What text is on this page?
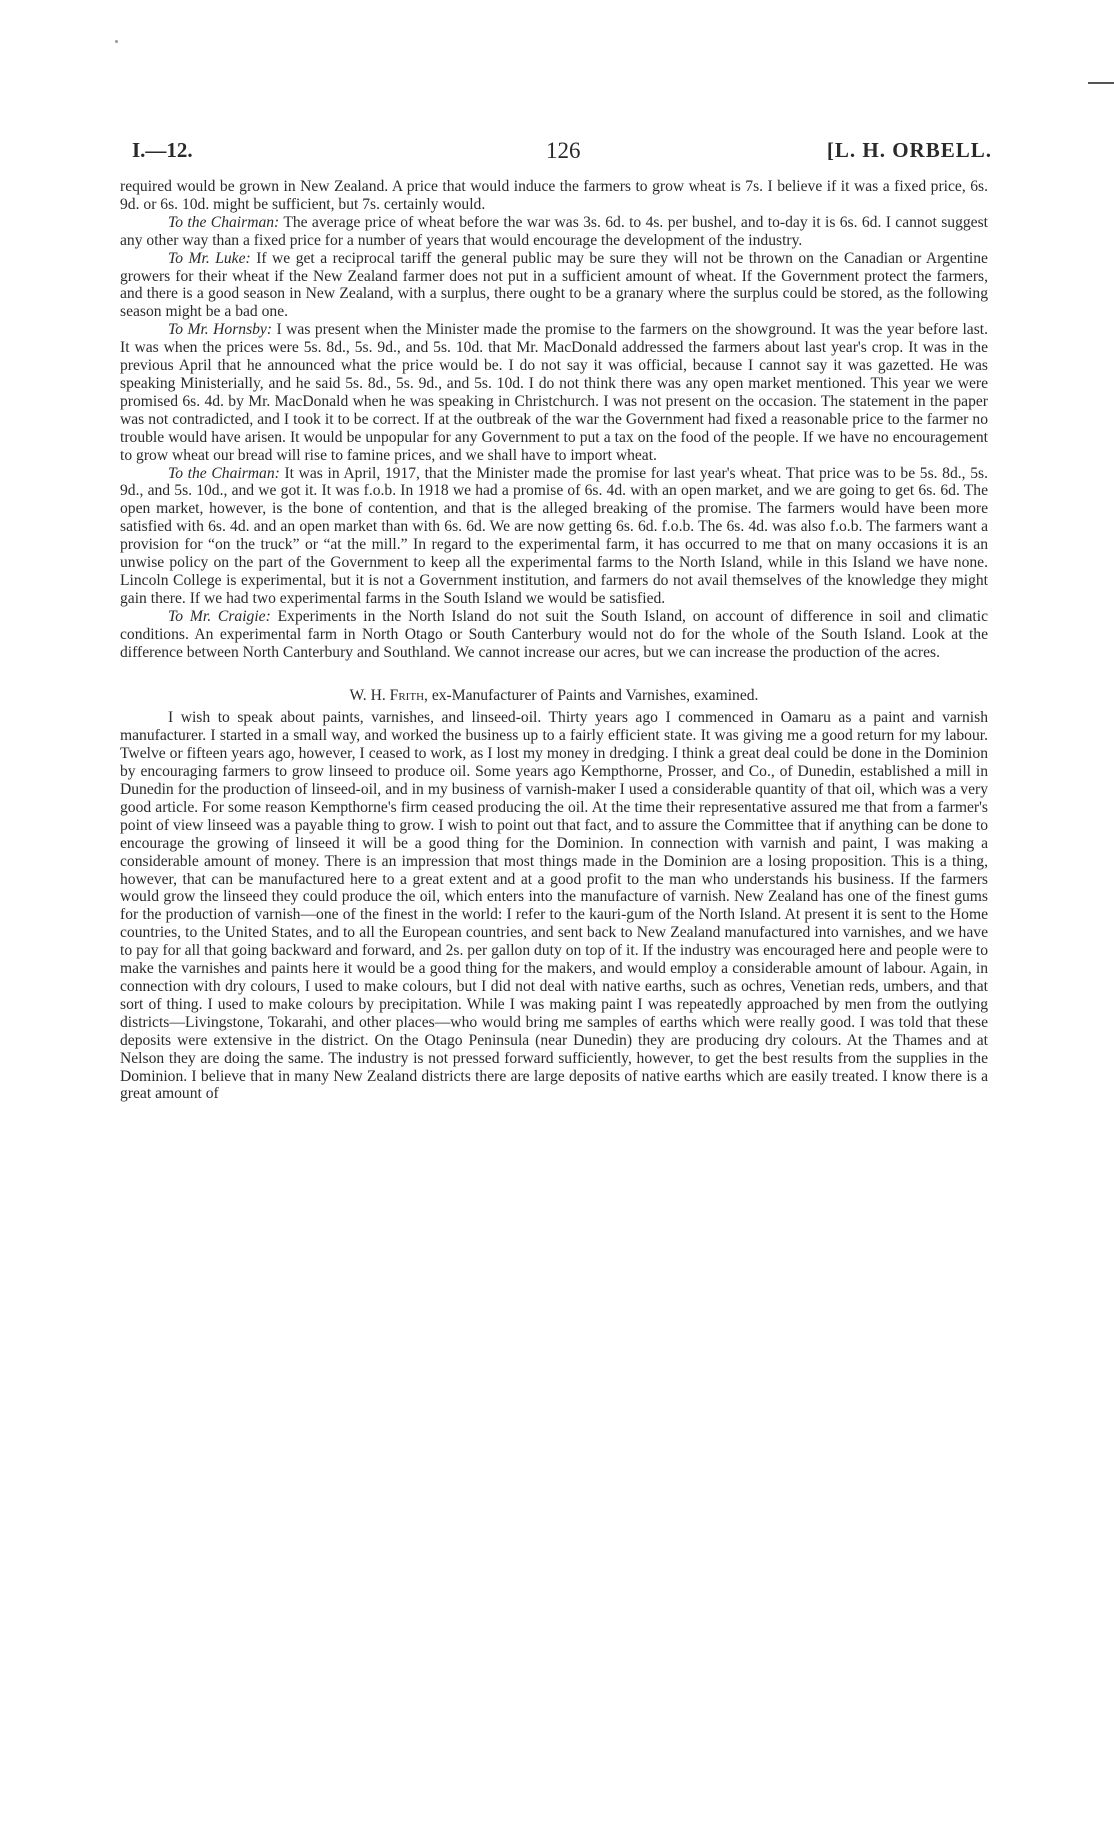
I.—12.	126	[L. H. ORBELL.

required would be grown in New Zealand. A price that would induce the farmers to grow wheat is 7s. I believe if it was a fixed price, 6s. 9d. or 6s. 10d. might be sufficient, but 7s. certainly would.

To the Chairman: The average price of wheat before the war was 3s. 6d. to 4s. per bushel, and to-day it is 6s. 6d. I cannot suggest any other way than a fixed price for a number of years that would encourage the development of the industry.

To Mr. Luke: If we get a reciprocal tariff the general public may be sure they will not be thrown on the Canadian or Argentine growers for their wheat if the New Zealand farmer does not put in a sufficient amount of wheat. If the Government protect the farmers, and there is a good season in New Zealand, with a surplus, there ought to be a granary where the surplus could be stored, as the following season might be a bad one.

To Mr. Hornsby: I was present when the Minister made the promise to the farmers on the showground. It was the year before last. It was when the prices were 5s. 8d., 5s. 9d., and 5s. 10d. that Mr. MacDonald addressed the farmers about last year's crop. It was in the previous April that he announced what the price would be. I do not say it was official, because I cannot say it was gazetted. He was speaking Ministerially, and he said 5s. 8d., 5s. 9d., and 5s. 10d. I do not think there was any open market mentioned. This year we were promised 6s. 4d. by Mr. MacDonald when he was speaking in Christchurch. I was not present on the occasion. The statement in the paper was not contradicted, and I took it to be correct. If at the outbreak of the war the Government had fixed a reasonable price to the farmer no trouble would have arisen. It would be unpopular for any Government to put a tax on the food of the people. If we have no encouragement to grow wheat our bread will rise to famine prices, and we shall have to import wheat.

To the Chairman: It was in April, 1917, that the Minister made the promise for last year's wheat. That price was to be 5s. 8d., 5s. 9d., and 5s. 10d., and we got it. It was f.o.b. In 1918 we had a promise of 6s. 4d. with an open market, and we are going to get 6s. 6d. The open market, however, is the bone of contention, and that is the alleged breaking of the promise. The farmers would have been more satisfied with 6s. 4d. and an open market than with 6s. 6d. We are now getting 6s. 6d. f.o.b. The 6s. 4d. was also f.o.b. The farmers want a provision for “on the truck” or “at the mill.” In regard to the experimental farm, it has occurred to me that on many occasions it is an unwise policy on the part of the Government to keep all the experimental farms to the North Island, while in this Island we have none. Lincoln College is experimental, but it is not a Government institution, and farmers do not avail themselves of the knowledge they might gain there. If we had two experimental farms in the South Island we would be satisfied.

To Mr. Craigie: Experiments in the North Island do not suit the South Island, on account of difference in soil and climatic conditions. An experimental farm in North Otago or South Canterbury would not do for the whole of the South Island. Look at the difference between North Canterbury and Southland. We cannot increase our acres, but we can increase the production of the acres.

W. H. Frith, ex-Manufacturer of Paints and Varnishes, examined.

I wish to speak about paints, varnishes, and linseed-oil. Thirty years ago I commenced in Oamaru as a paint and varnish manufacturer. I started in a small way, and worked the business up to a fairly efficient state. It was giving me a good return for my labour. Twelve or fifteen years ago, however, I ceased to work, as I lost my money in dredging. I think a great deal could be done in the Dominion by encouraging farmers to grow linseed to produce oil. Some years ago Kempthorne, Prosser, and Co., of Dunedin, established a mill in Dunedin for the production of linseed-oil, and in my business of varnish-maker I used a considerable quantity of that oil, which was a very good article. For some reason Kempthorne's firm ceased producing the oil. At the time their representative assured me that from a farmer's point of view linseed was a payable thing to grow. I wish to point out that fact, and to assure the Committee that if anything can be done to encourage the growing of linseed it will be a good thing for the Dominion. In connection with varnish and paint, I was making a considerable amount of money. There is an impression that most things made in the Dominion are a losing proposition. This is a thing, however, that can be manufactured here to a great extent and at a good profit to the man who understands his business. If the farmers would grow the linseed they could produce the oil, which enters into the manufacture of varnish. New Zealand has one of the finest gums for the production of varnish—one of the finest in the world: I refer to the kauri-gum of the North Island. At present it is sent to the Home countries, to the United States, and to all the European countries, and sent back to New Zealand manufactured into varnishes, and we have to pay for all that going backward and forward, and 2s. per gallon duty on top of it. If the industry was encouraged here and people were to make the varnishes and paints here it would be a good thing for the makers, and would employ a considerable amount of labour. Again, in connection with dry colours, I used to make colours, but I did not deal with native earths, such as ochres, Venetian reds, umbers, and that sort of thing. I used to make colours by precipitation. While I was making paint I was repeatedly approached by men from the outlying districts—Livingstone, Tokarahi, and other places—who would bring me samples of earths which were really good. I was told that these deposits were extensive in the district. On the Otago Peninsula (near Dunedin) they are producing dry colours. At the Thames and at Nelson they are doing the same. The industry is not pressed forward sufficiently, however, to get the best results from the supplies in the Dominion. I believe that in many New Zealand districts there are large deposits of native earths which are easily treated. I know there is a great amount of
